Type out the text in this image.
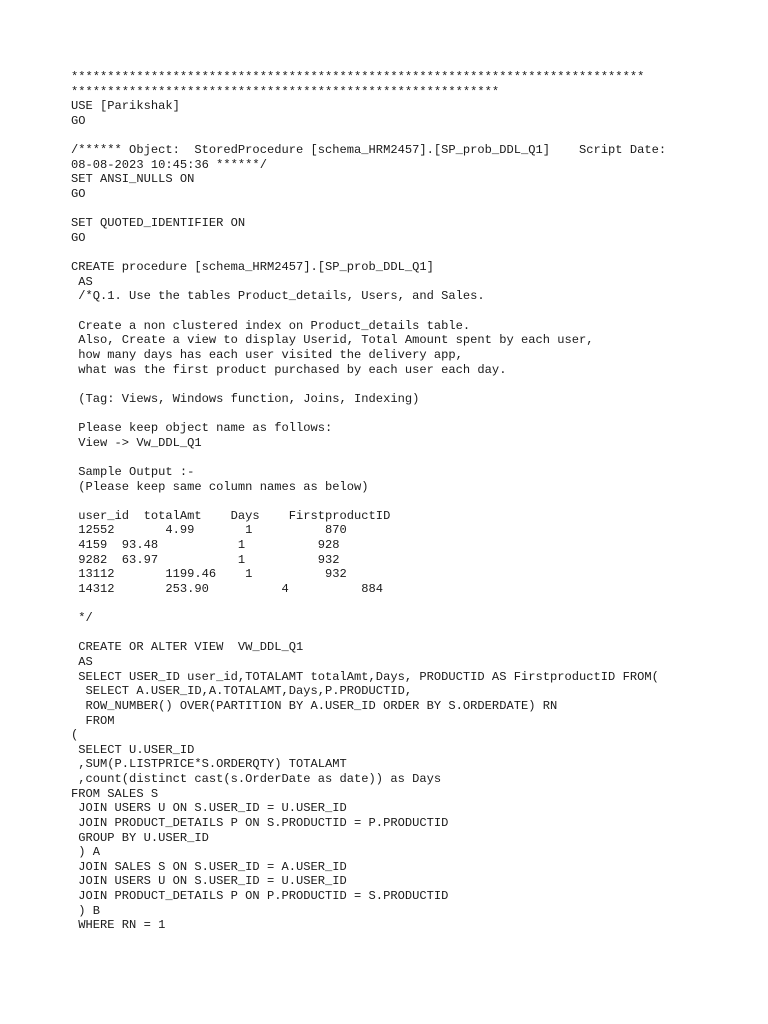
*******************************************************************************
***********************************************************
USE [Parikshak]
GO
/****** Object:  StoredProcedure [schema_HRM2457].[SP_prob_DDL_Q1]    Script Date:
08-08-2023 10:45:36 ******/
SET ANSI_NULLS ON
GO
SET QUOTED_IDENTIFIER ON
GO
CREATE procedure [schema_HRM2457].[SP_prob_DDL_Q1]
AS
/*Q.1. Use the tables Product_details, Users, and Sales.
Create a non clustered index on Product_details table.
Also, Create a view to display Userid, Total Amount spent by each user,
how many days has each user visited the delivery app,
what was the first product purchased by each user each day.
(Tag: Views, Windows function, Joins, Indexing)
Please keep object name as follows:
View -> Vw_DDL_Q1
Sample Output :-
(Please keep same column names as below)
user_id  totalAmt    Days    FirstproductID
12552       4.99       1          870
4159  93.48           1          928
9282  63.97           1          932
13112       1199.46    1          932
14312       253.90          4          884
*/
CREATE OR ALTER VIEW  VW_DDL_Q1
AS
SELECT USER_ID user_id,TOTALAMT totalAmt,Days, PRODUCTID AS FirstproductID FROM(
SELECT A.USER_ID,A.TOTALAMT,Days,P.PRODUCTID,
ROW_NUMBER() OVER(PARTITION BY A.USER_ID ORDER BY S.ORDERDATE) RN
FROM
(
SELECT U.USER_ID
,SUM(P.LISTPRICE*S.ORDERQTY) TOTALAMT
,count(distinct cast(s.OrderDate as date)) as Days
FROM SALES S
JOIN USERS U ON S.USER_ID = U.USER_ID
JOIN PRODUCT_DETAILS P ON S.PRODUCTID = P.PRODUCTID
GROUP BY U.USER_ID
) A
JOIN SALES S ON S.USER_ID = A.USER_ID
JOIN USERS U ON S.USER_ID = U.USER_ID
JOIN PRODUCT_DETAILS P ON P.PRODUCTID = S.PRODUCTID
) B
WHERE RN = 1
